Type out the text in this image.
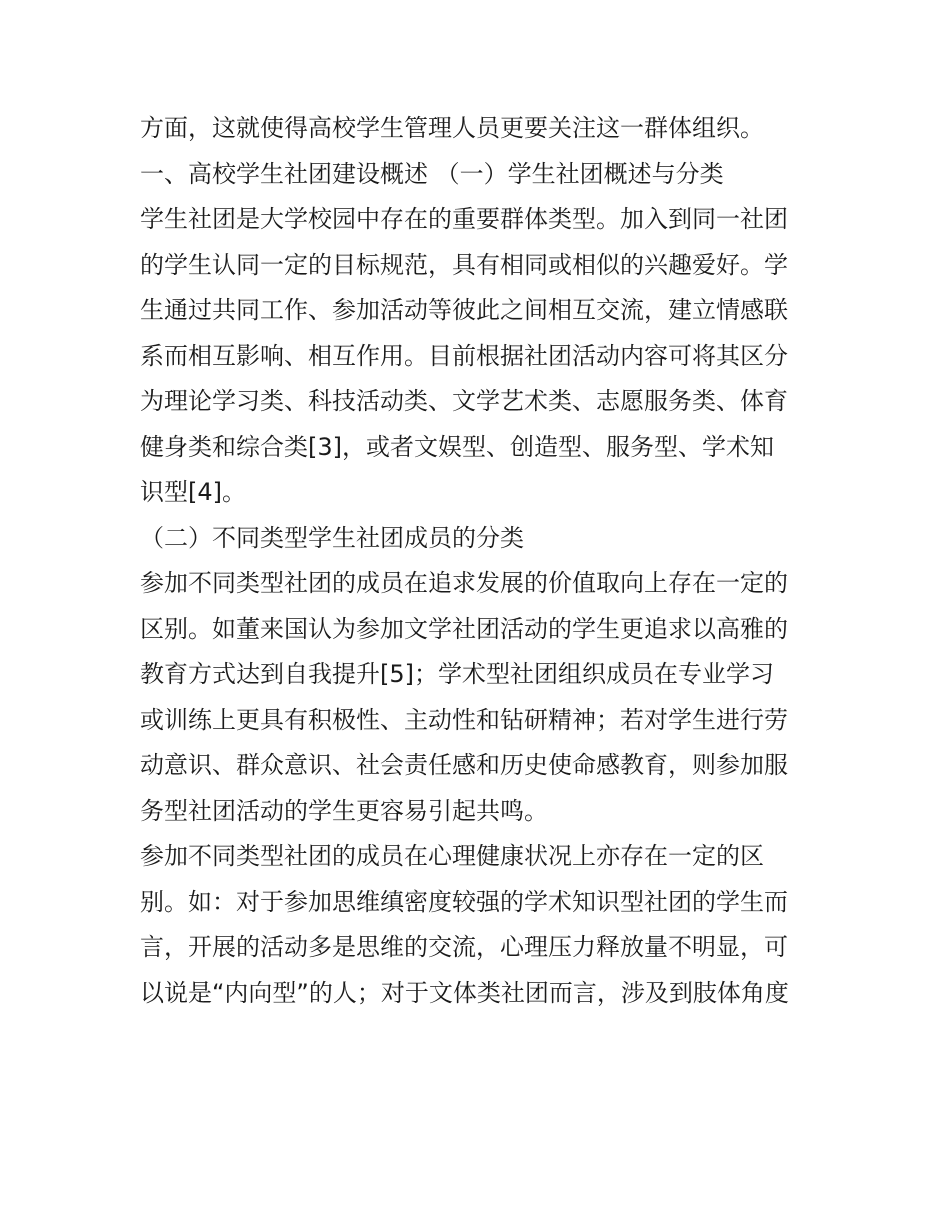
方面，这就使得高校学生管理人员更要关注这一群体组织。
一、高校学生社团建设概述 （一）学生社团概述与分类
学生社团是大学校园中存在的重要群体类型。加入到同一社团
的学生认同一定的目标规范，具有相同或相似的兴趣爱好。学
生通过共同工作、参加活动等彼此之间相互交流，建立情感联
系而相互影响、相互作用。目前根据社团活动内容可将其区分
为理论学习类、科技活动类、文学艺术类、志愿服务类、体育
健身类和综合类[3]，或者文娱型、创造型、服务型、学术知
识型[4]。
（二）不同类型学生社团成员的分类
参加不同类型社团的成员在追求发展的价值取向上存在一定的
区别。如董来国认为参加文学社团活动的学生更追求以高雅的
教育方式达到自我提升[5]；学术型社团组织成员在专业学习
或训练上更具有积极性、主动性和钻研精神；若对学生进行劳
动意识、群众意识、社会责任感和历史使命感教育，则参加服
务型社团活动的学生更容易引起共鸣。
参加不同类型社团的成员在心理健康状况上亦存在一定的区
别。如：对于参加思维缜密度较强的学术知识型社团的学生而
言，开展的活动多是思维的交流，心理压力释放量不明显，可
以说是“内向型”的人；对于文体类社团而言，涉及到肢体角度
